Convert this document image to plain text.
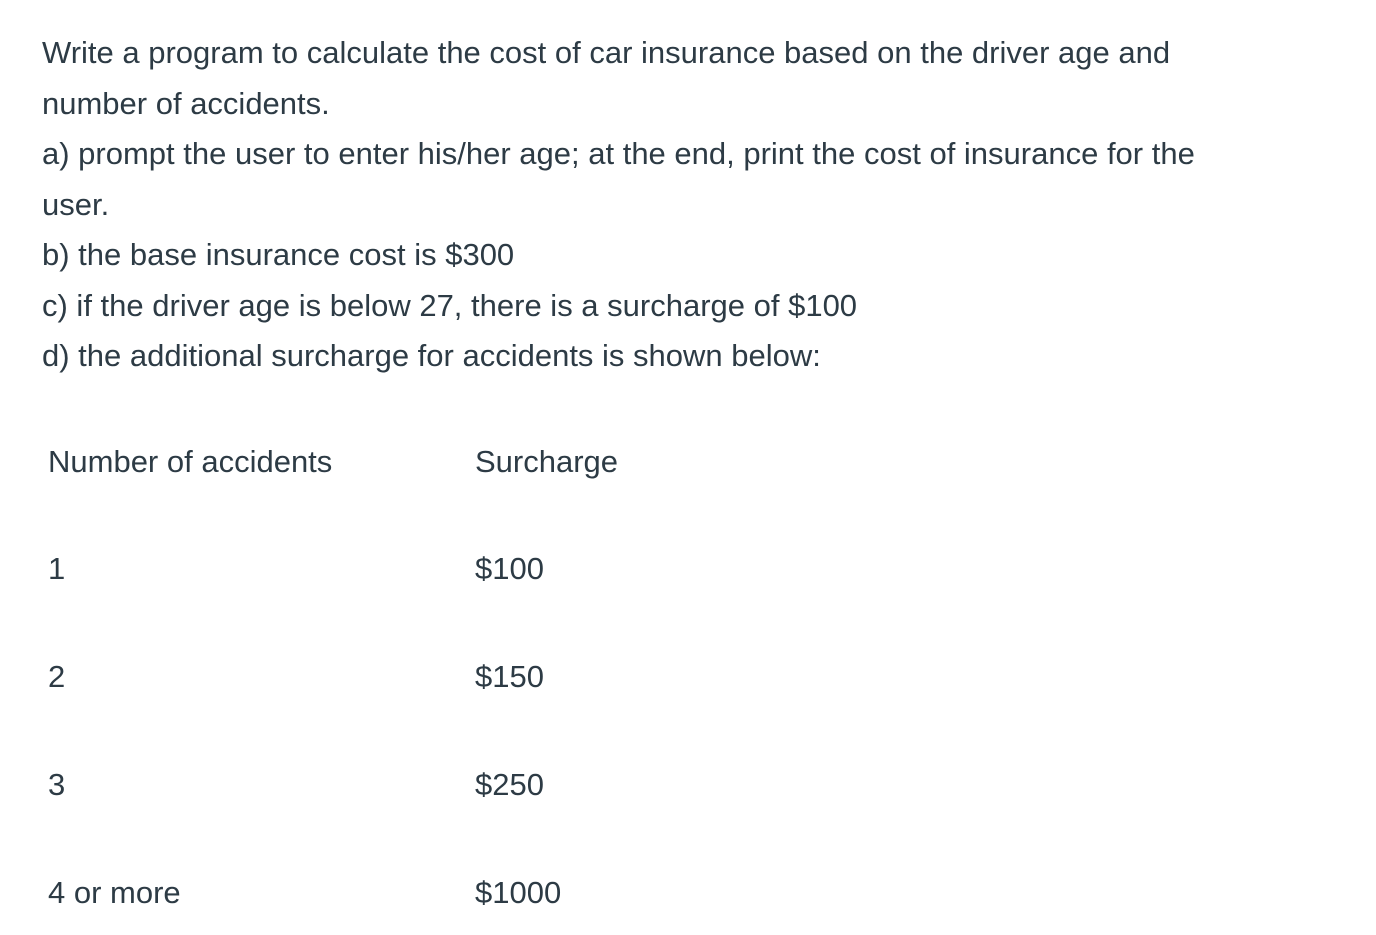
Write a program to calculate the cost of car insurance based on the driver age and

number of accidents.

a) prompt the user to enter his/her age; at the end, print the cost of insurance for the

user.

b) the base insurance cost is $300

c) if the driver age is below 27, there is a surcharge of $100

d) the additional surcharge for accidents is shown below:

Number of accidents	Surcharge
1	$100
2	$150
3	$250
4 or more	$1000
